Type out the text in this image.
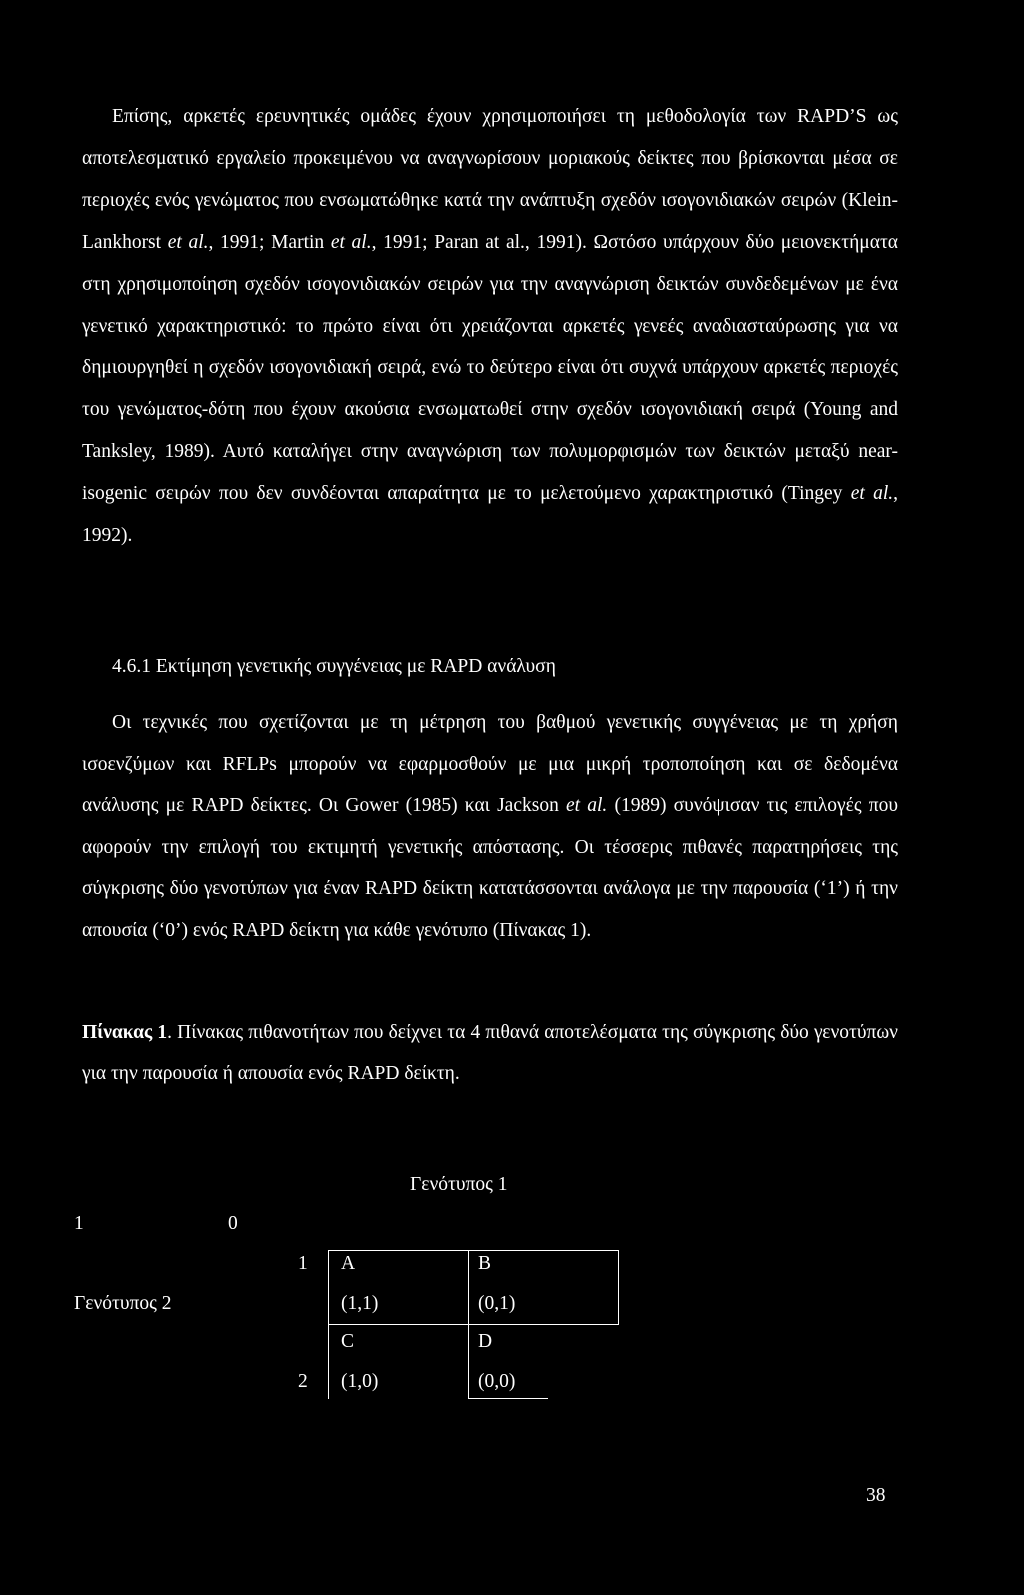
Επίσης, αρκετές ερευνητικές ομάδες έχουν χρησιμοποιήσει τη μεθοδολογία των RAPD’S ως αποτελεσματικό εργαλείο προκειμένου να αναγνωρίσουν μοριακούς δείκτες που βρίσκονται μέσα σε περιοχές ενός γενώματος που ενσωματώθηκε κατά την ανάπτυξη σχεδόν ισογονιδιακών σειρών (Klein-Lankhorst et al., 1991; Martin et al., 1991; Paran at al., 1991). Ωστόσο υπάρχουν δύο μειονεκτήματα στη χρησιμοποίηση σχεδόν ισογονιδιακών σειρών για την αναγνώριση δεικτών συνδεδεμένων με ένα γενετικό χαρακτηριστικό: το πρώτο είναι ότι χρειάζονται αρκετές γενεές αναδιασταύρωσης για να δημιουργηθεί η σχεδόν ισογονιδιακή σειρά, ενώ το δεύτερο είναι ότι συχνά υπάρχουν αρκετές περιοχές του γενώματος-δότη που έχουν ακούσια ενσωματωθεί στην σχεδόν ισογονιδιακή σειρά (Young and Tanksley, 1989). Αυτό καταλήγει στην αναγνώριση των πολυμορφισμών των δεικτών μεταξύ near-isogenic σειρών που δεν συνδέονται απαραίτητα με το μελετούμενο χαρακτηριστικό (Tingey et al., 1992).

4.6.1 Εκτίμηση γενετικής συγγένειας με RAPD ανάλυση

Οι τεχνικές που σχετίζονται με τη μέτρηση του βαθμού γενετικής συγγένειας με τη χρήση ισοενζύμων και RFLPs μπορούν να εφαρμοσθούν με μια μικρή τροποποίηση και σε δεδομένα ανάλυσης με RAPD δείκτες. Οι Gower (1985) και Jackson et al. (1989) συνόψισαν τις επιλογές που αφορούν την επιλογή του εκτιμητή γενετικής απόστασης. Οι τέσσερις πιθανές παρατηρήσεις της σύγκρισης δύο γενοτύπων για έναν RAPD δείκτη κατατάσσονται ανάλογα με την παρουσία (‘1’) ή την απουσία (‘0’) ενός RAPD δείκτη για κάθε γενότυπο (Πίνακας 1).

Πίνακας 1. Πίνακας πιθανοτήτων που δείχνει τα 4 πιθανά αποτελέσματα της σύγκρισης δύο γενοτύπων για την παρουσία ή απουσία ενός RAPD δείκτη.

Γενότυπος 1

1	0

1

Γενότυπος 2

2

A
(1,1)
B
(0,1)
C
(1,0)
D
(0,0)

38
